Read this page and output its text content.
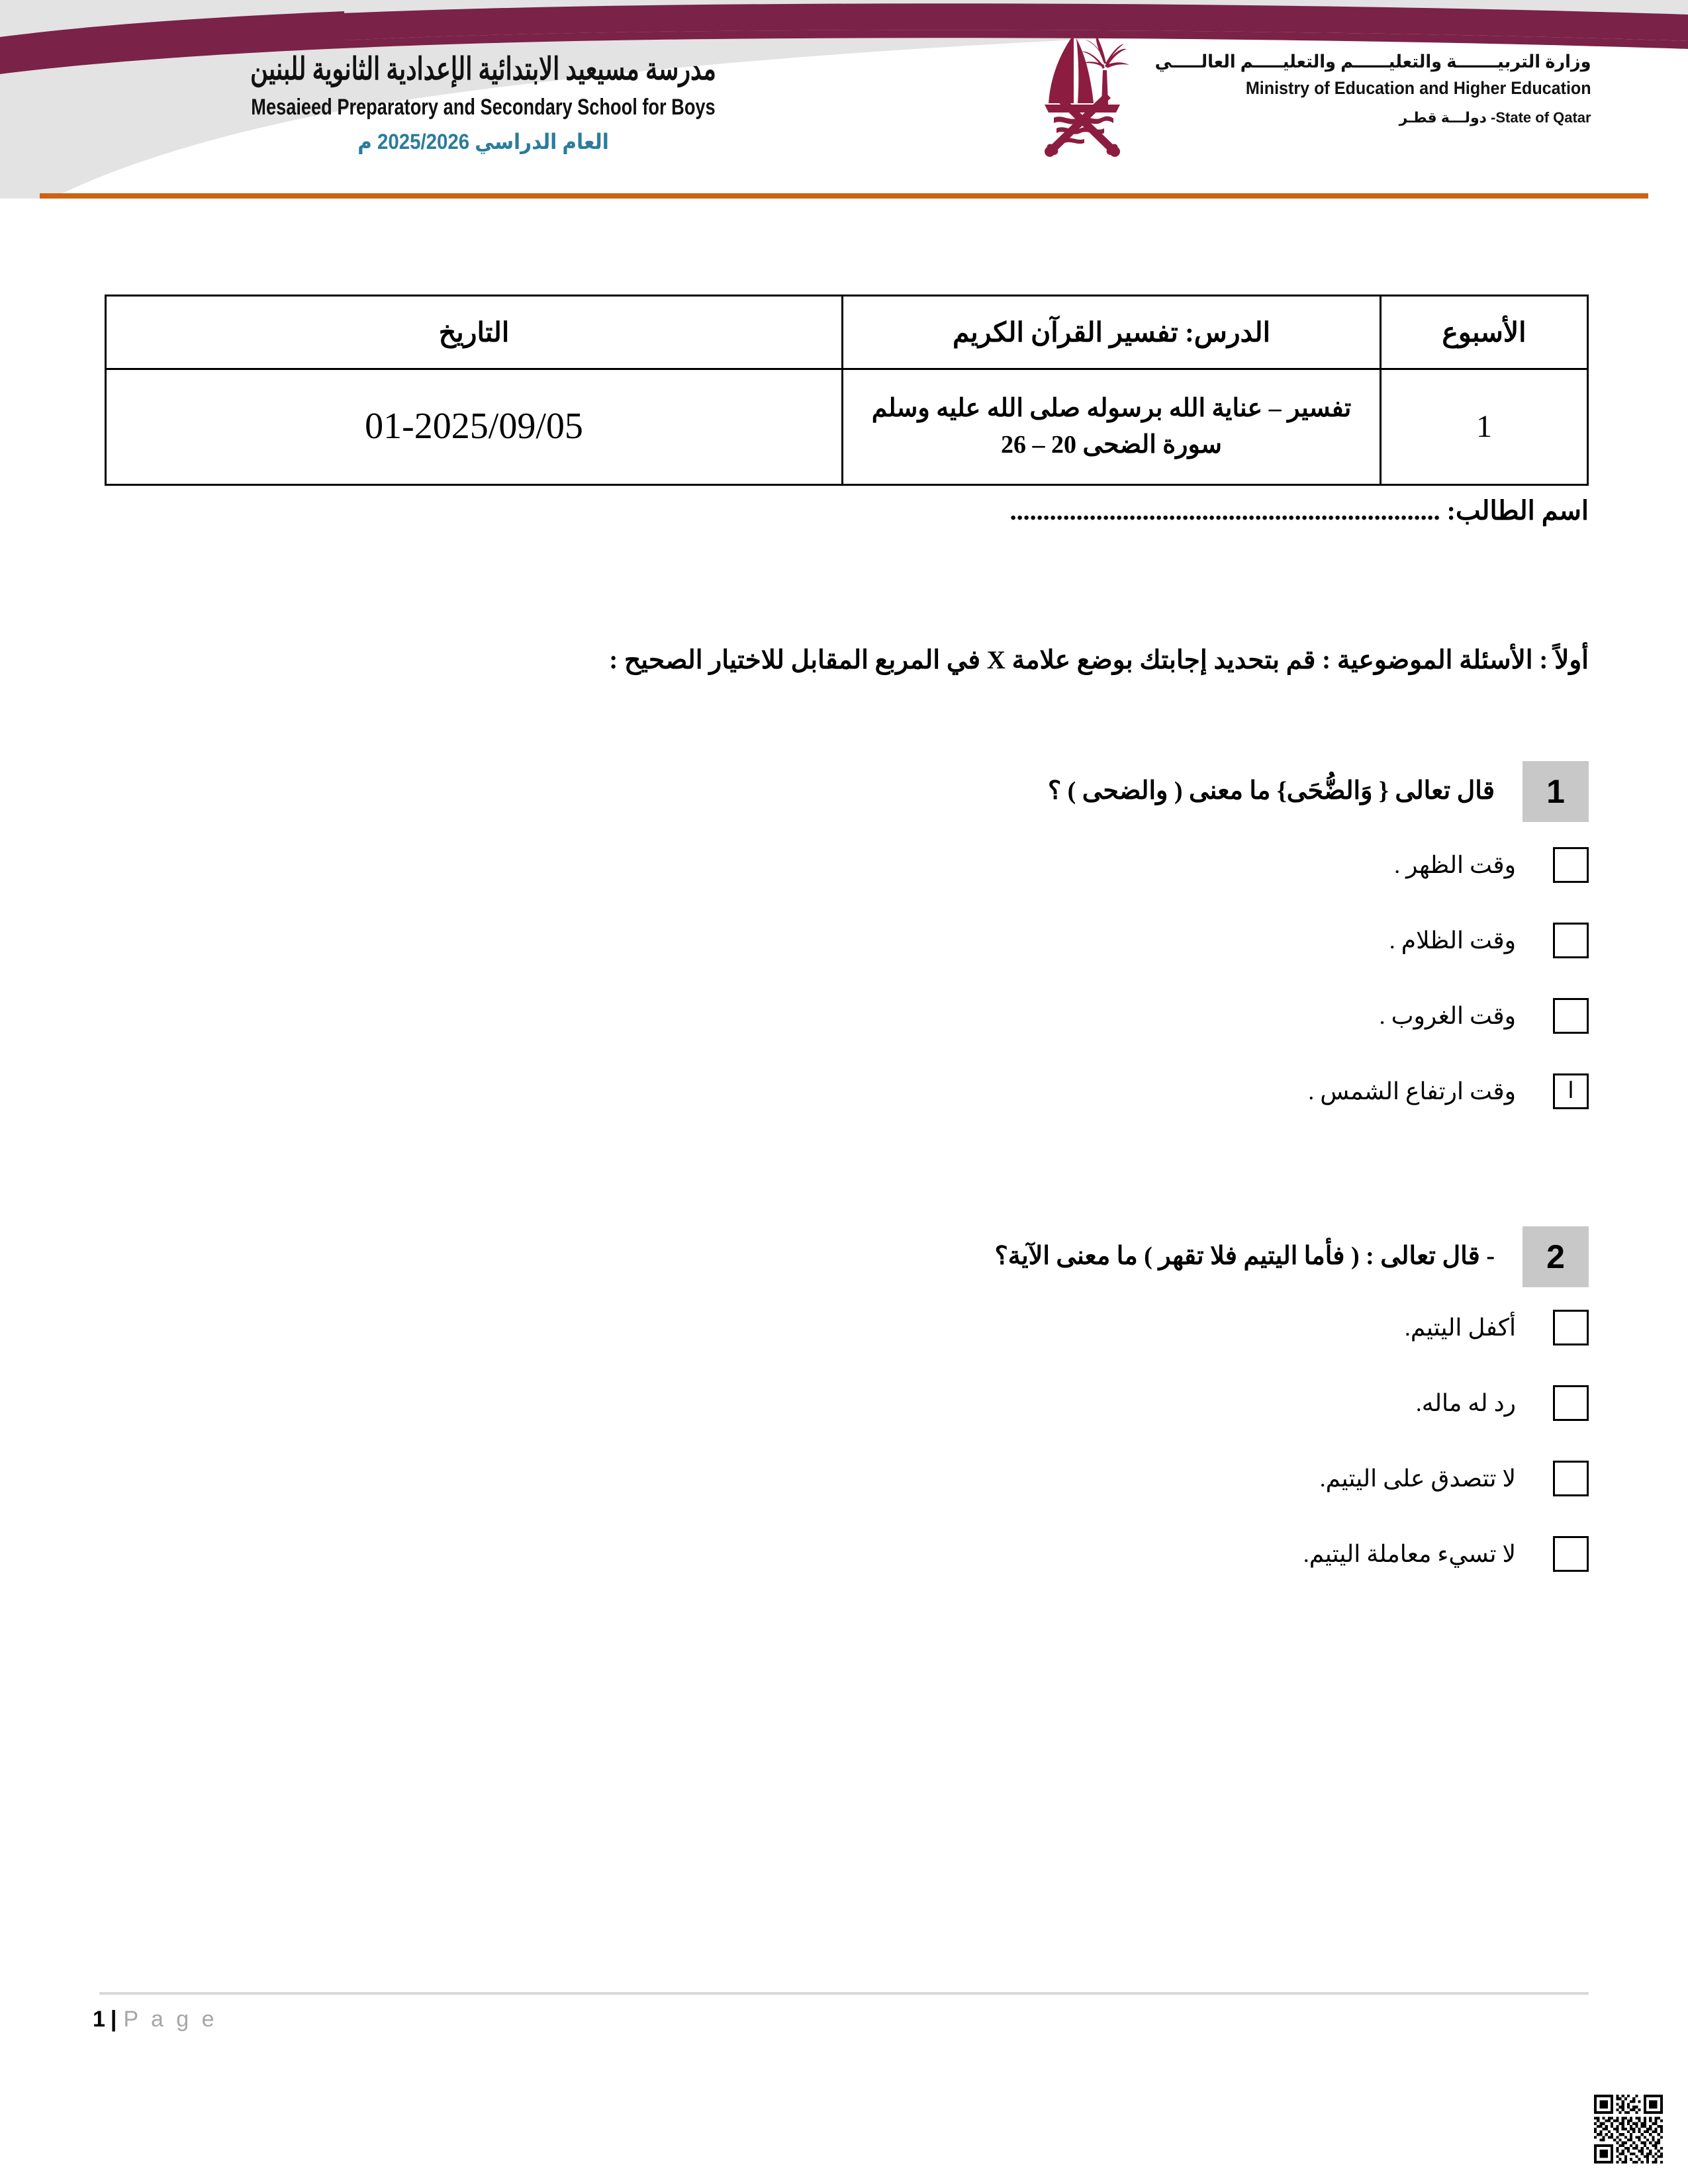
مدرسة مسيعيد الابتدائية الإعدادية الثانوية للبنين
Mesaieed Preparatory and Secondary School for Boys
العام الدراسي 2025/2026 م
وزارة التربيـــــــة والتعليــــــم والتعليـــــم العالـــــي
Ministry of Education and Higher Education
دولـــة قطـر -State of Qatar
الأسبوع	الدرس: تفسير القرآن الكريم	التاريخ
1	تفسير – عناية الله برسوله صلى الله عليه وسلم سورة الضحى 20 – 26	01-2025/09/05
اسم الطالب: .................................................................
أولاً : الأسئلة الموضوعية : قم بتحديد إجابتك بوضع علامة X في المربع المقابل للاختيار الصحيح :
1
قال تعالى { وَالضُّحَى} ما معنى ( والضحى ) ؟
وقت الظهر .
وقت الظلام .
وقت الغروب .
ا
وقت ارتفاع الشمس .
2
- قال تعالى : ( فأما اليتيم فلا تقهر ) ما معنى الآية؟
أكفل اليتيم.
رد له ماله.
لا تتصدق على اليتيم.
لا تسيء معاملة اليتيم.
1 | P a g e
